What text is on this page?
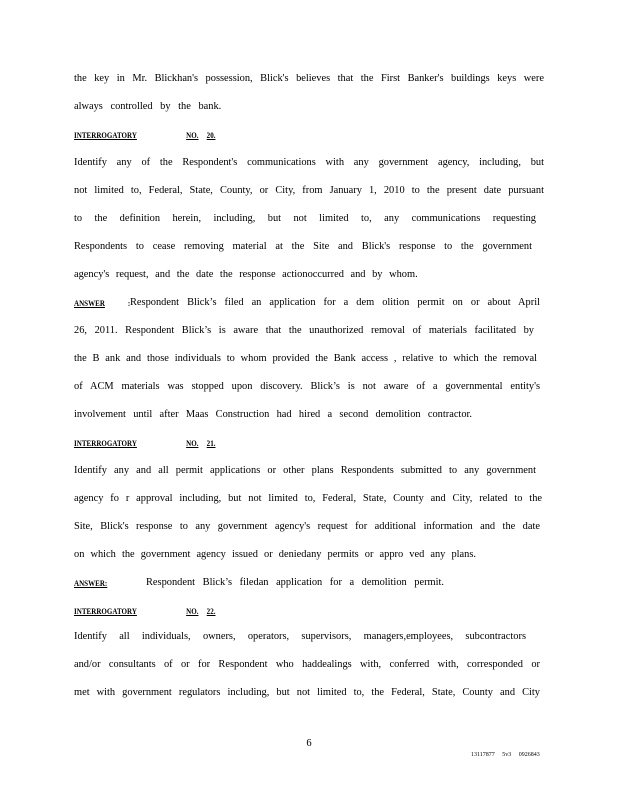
the key in Mr. Blickhan's possession, Blick's believes that the First Banker's buildings keys were
always controlled by the bank.
INTERROGATORY	NO. 20.
Identify any of the Respondent's communications with any government agency, including, but
not limited to, Federal, State, County, or City, from January 1, 2010 to the present date pursuant
to the definition herein, including, but not limited to, any communications requesting
Respondents to cease removing material at the Site and Blick's response to the government
agency's request, and the date the response actionoccurred and by whom.
ANSWER	: Respondent Blick’s filed an application for a dem olition permit on or about April
26, 2011. Respondent Blick’s is aware that the unauthorized removal of materials facilitated by
the B ank and those individuals to whom provided the Bank access , relative to which the removal
of ACM materials was stopped upon discovery. Blick’s is not aware of a governmental entity's
involvement until after Maas Construction had hired a second demolition contractor.
INTERROGATORY	NO. 21.
Identify any and all permit applications or other plans Respondents submitted to any government
agency fo r approval including, but not limited to, Federal, State, County and City, related to the
Site, Blick's response to any government agency's request for additional information and the date
on which the government agency issued or deniedany permits or appro ved any plans.
ANSWER:	Respondent Blick’s filedan application for a demolition permit.
INTERROGATORY	NO. 22.
Identify all individuals, owners, operators, supervisors, managers,employees, subcontractors
and/or consultants of or for Respondent who haddealings with, conferred with, corresponded or
met with government regulators including, but not limited to, the Federal, State, County and City
6
13117877 5v3 0926843
